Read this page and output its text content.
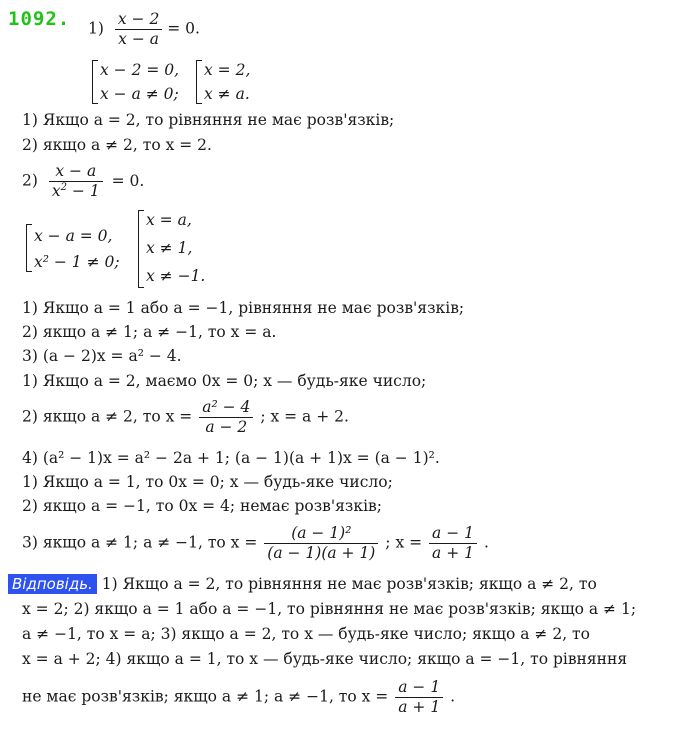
1092. $1) \frac{x - 2}{x - a} = 0$.
x − 2 = 0,
x − a ≠ 0;
x = 2,
x ≠ a.
1) Якщо a = 2, то рівняння не має розв'язків;
2) якщо a ≠ 2, то x = 2.
$2) \frac{x - a}{x^2 - 1} = 0$.
x − a = 0,
x² − 1 ≠ 0;
x = a,
x ≠ 1,
x ≠ −1.
1) Якщо a = 1 або a = −1, рівняння не має розв'язків;
2) якщо a ≠ 1; a ≠ −1, то x = a.
3) (a − 2)x = a² − 4.
1) Якщо a = 2, маємо 0x = 0; x — будь-яке число;
2) якщо a ≠ 2, то $x = \frac{\text{a² − 4}}{a - 2}$ ; x = a + 2.
4) (a² − 1)x = a² − 2a + 1; (a − 1)(a + 1)x = (a − 1)².
1) Якщо a = 1, то 0x = 0; x — будь-яке число;
2) якщо a = −1, то 0x = 4; немає розв'язків;
3) якщо a ≠ 1; a ≠ −1, то $x = \frac{\text{(a − 1)²}}{(a - 1)(a + 1)}$ ; $x = \frac{a - 1}{a + 1}$ .
Відповідь. 1) Якщо a = 2, то рівняння не має розв'язків; якщо a ≠ 2, то
x = 2; 2) якщо a = 1 або a = −1, то рівняння не має розв'язків; якщо a ≠ 1;
a ≠ −1, то x = a; 3) якщо a = 2, то x — будь-яке число; якщо a ≠ 2, то
x = a + 2; 4) якщо a = 1, то x — будь-яке число; якщо a = −1, то рівняння
не має розв'язків; якщо a ≠ 1; a ≠ −1, то $x = \frac{a - 1}{a + 1}$ .
